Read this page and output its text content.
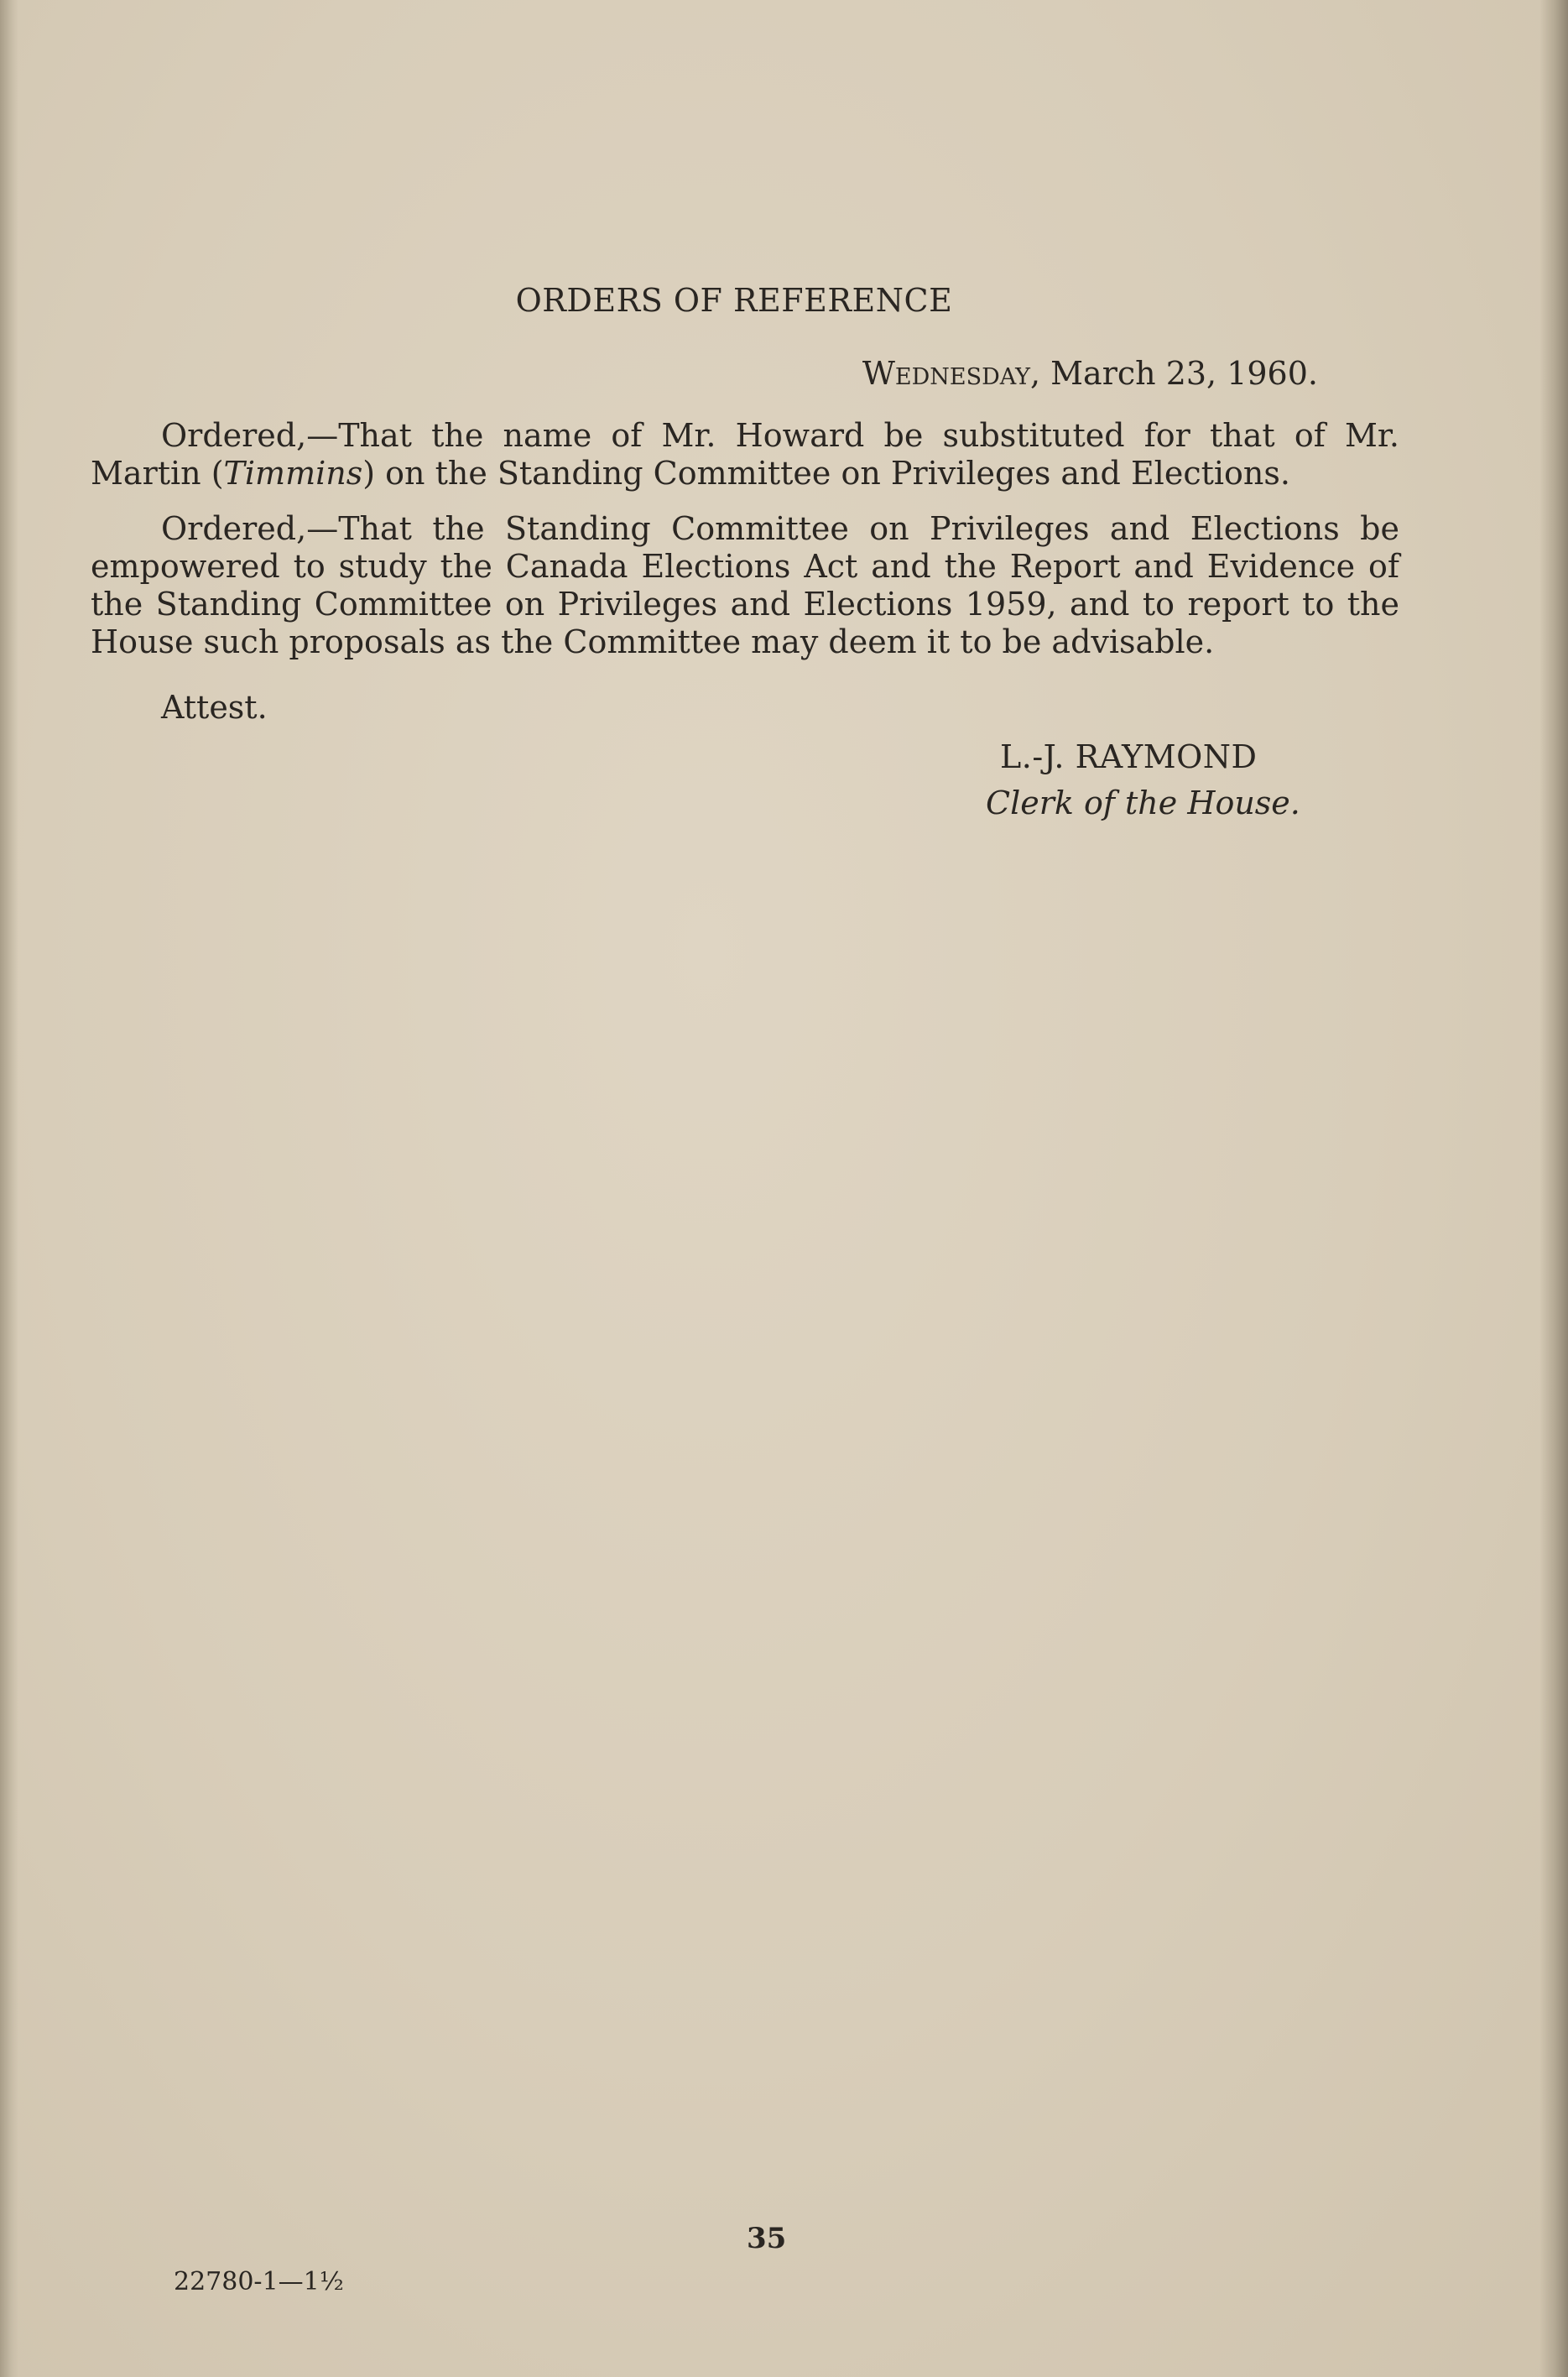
ORDERS OF REFERENCE
Wednesday, March 23, 1960.

Ordered,—That the name of Mr. Howard be substituted for that of Mr. Martin (Timmins) on the Standing Committee on Privileges and Elections.

Ordered,—That the Standing Committee on Privileges and Elections be empowered to study the Canada Elections Act and the Report and Evidence of the Standing Committee on Privileges and Elections 1959, and to report to the House such proposals as the Committee may deem it to be advisable.

Attest.
L.-J. RAYMOND
Clerk of the House.
35
22780-1—1½
